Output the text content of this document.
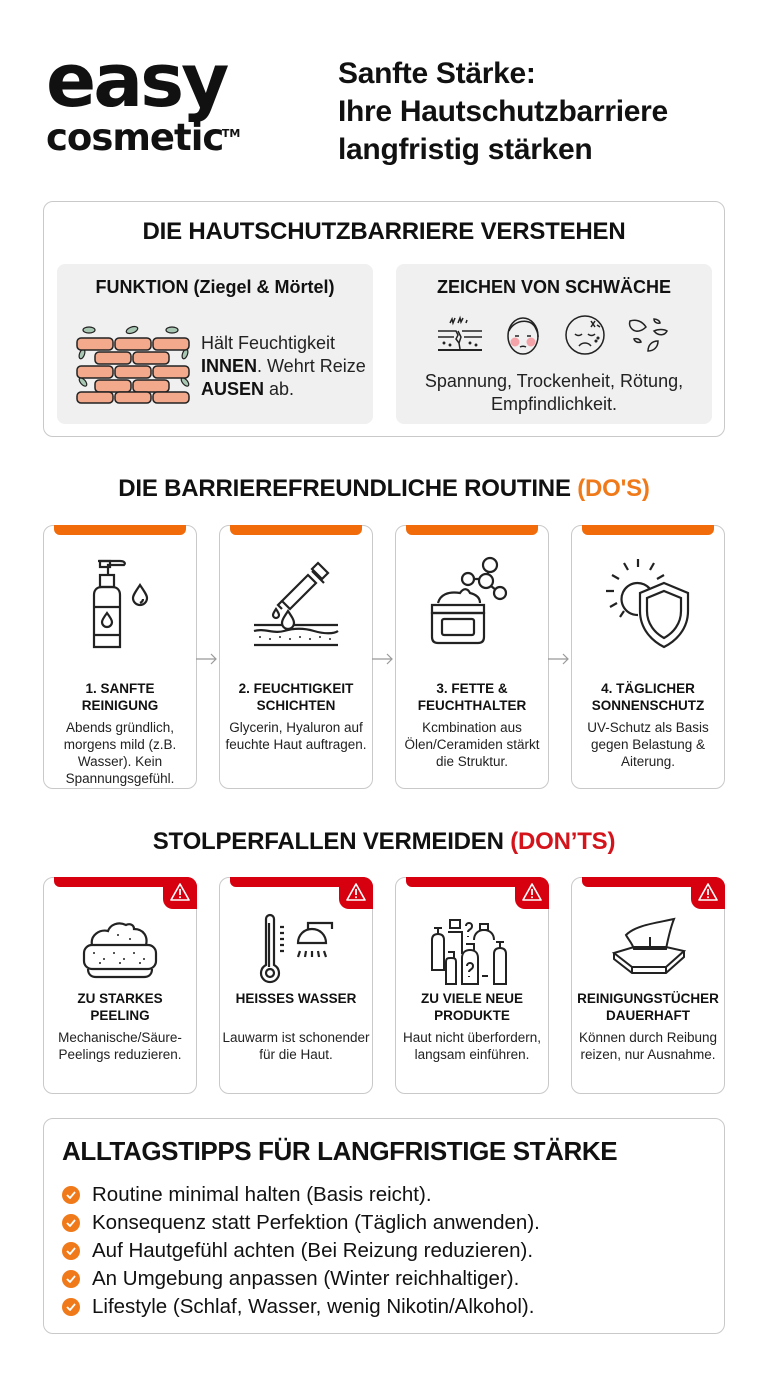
easy
cosmetic
TM
Sanfte Stärke:
Ihre Hautschutzbarriere
langfristig stärken
DIE HAUTSCHUTZBARRIERE VERSTEHEN
FUNKTION (Ziegel & Mörtel)
Hält Feuchtigkeit INNEN. Wehrt Reize AUSEN ab.
ZEICHEN VON SCHWÄCHE
Spannung, Trockenheit, Rötung, Empfindlichkeit.
DIE BARRIEREFREUNDLICHE ROUTINE (DO'S)
1. SANFTE REINIGUNG
Abends gründlich, morgens mild (z.B. Wasser). Kein Spannungsgefühl.
2. FEUCHTIGKEIT SCHICHTEN
Glycerin, Hyaluron auf feuchte Haut auftragen.
3. FETTE & FEUCHTHALTER
Kcmbination aus Ölen/Ceramiden stärkt die Struktur.
4. TÄGLICHER SONNENSCHUTZ
UV-Schutz als Basis gegen Belastung & Aiterung.
STOLPERFALLEN VERMEIDEN (DON’TS)
ZU STARKES PEELING
Mechanische/Säure-Peelings reduzieren.
HEISSES WASSER
Lauwarm ist schonender für die Haut.
ZU VIELE NEUE PRODUKTE
Haut nicht überfordern, langsam einführen.
REINIGUNGSTÜCHER DAUERHAFT
Können durch Reibung reizen, nur Ausnahme.
ALLTAGSTIPPS FÜR LANGFRISTIGE STÄRKE
Routine minimal halten (Basis reicht).
Konsequenz statt Perfektion (Täglich anwenden).
Auf Hautgefühl achten (Bei Reizung reduzieren).
An Umgebung anpassen (Winter reichhaltiger).
Lifestyle (Schlaf, Wasser, wenig Nikotin/Alkohol).
